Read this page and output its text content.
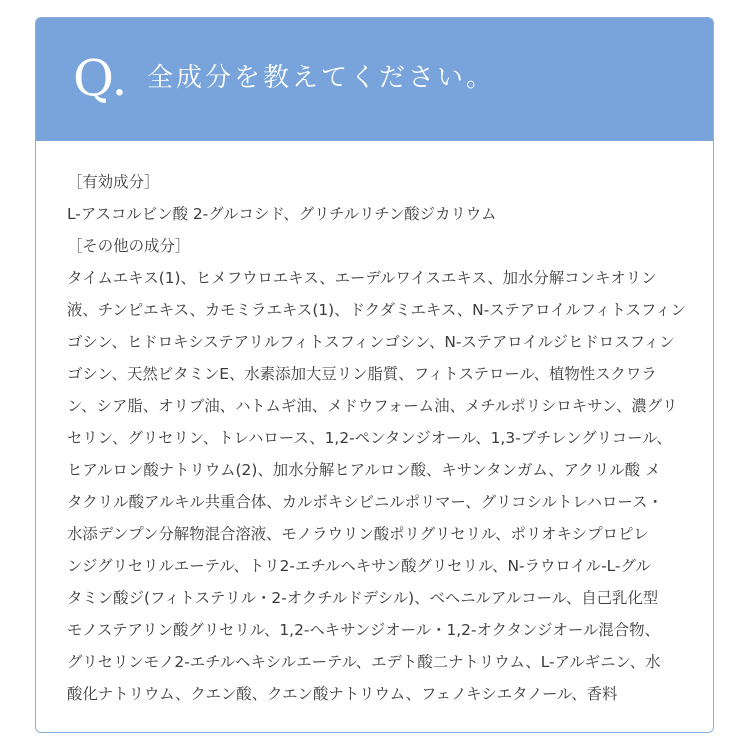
Q. 全成分を教えてください。
［有効成分］
L-アスコルビン酸 2-グルコシド、グリチルリチン酸ジカリウム
［その他の成分］
タイムエキス(1)、ヒメフウロエキス、エーデルワイスエキス、加水分解コンキオリン
液、チンピエキス、カモミラエキス(1)、ドクダミエキス、N-ステアロイルフィトスフィン
ゴシン、ヒドロキシステアリルフィトスフィンゴシン、N-ステアロイルジヒドロスフィン
ゴシン、天然ビタミンE、水素添加大豆リン脂質、フィトステロール、植物性スクワラ
ン、シア脂、オリブ油、ハトムギ油、メドウフォーム油、メチルポリシロキサン、濃グリ
セリン、グリセリン、トレハロース、1,2-ペンタンジオール、1,3-ブチレングリコール、
ヒアルロン酸ナトリウム(2)、加水分解ヒアルロン酸、キサンタンガム、アクリル酸 メ
タクリル酸アルキル共重合体、カルボキシビニルポリマー、グリコシルトレハロース・
水添デンプン分解物混合溶液、モノラウリン酸ポリグリセリル、ポリオキシプロピレ
ンジグリセリルエーテル、トリ2-エチルヘキサン酸グリセリル、N-ラウロイル-L-グル
タミン酸ジ(フィトステリル・2-オクチルドデシル)、ベヘニルアルコール、自己乳化型
モノステアリン酸グリセリル、1,2-ヘキサンジオール・1,2-オクタンジオール混合物、
グリセリンモノ2-エチルヘキシルエーテル、エデト酸二ナトリウム、L-アルギニン、水
酸化ナトリウム、クエン酸、クエン酸ナトリウム、フェノキシエタノール、香料
